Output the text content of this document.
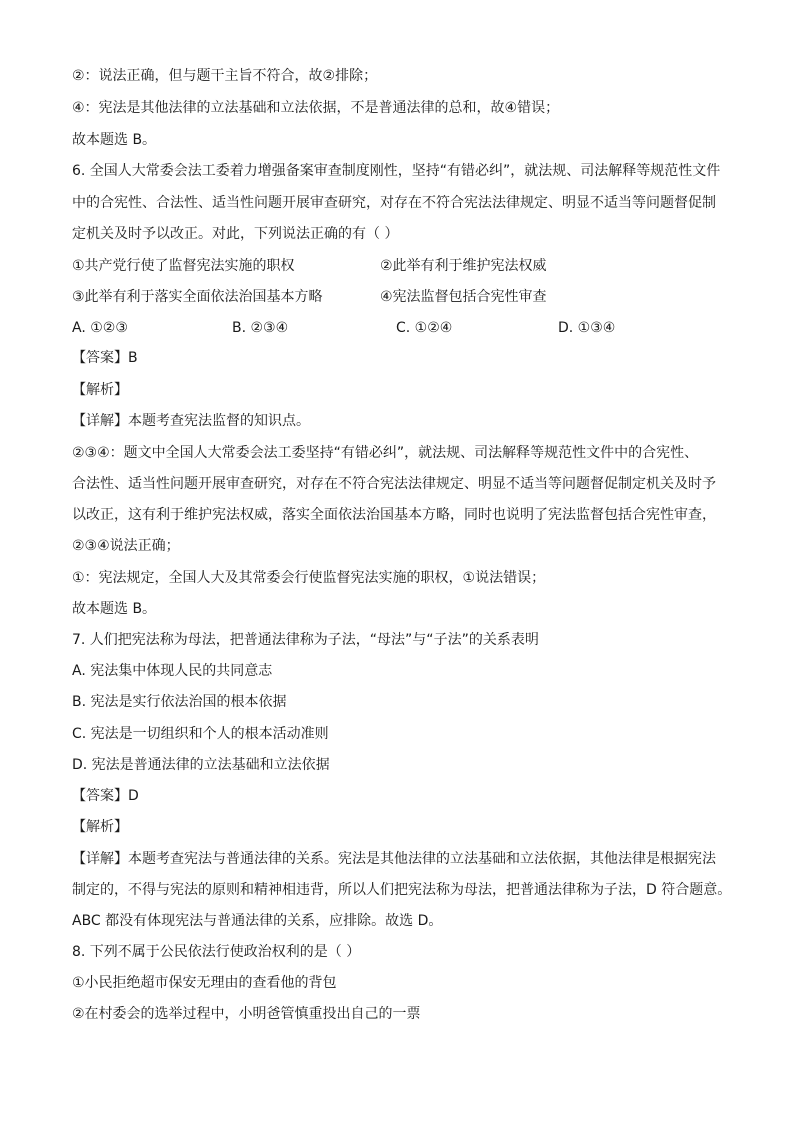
②：说法正确，但与题干主旨不符合，故②排除；
④：宪法是其他法律的立法基础和立法依据，不是普通法律的总和，故④错误；
故本题选 B。
6. 全国人大常委会法工委着力增强备案审查制度刚性，坚持“有错必纠”，就法规、司法解释等规范性文件
中的合宪性、合法性、适当性问题开展审查研究，对存在不符合宪法法律规定、明显不适当等问题督促制
定机关及时予以改正。对此，下列说法正确的有（ ）
①共产党行使了监督宪法实施的职权	②此举有利于维护宪法权威
③此举有利于落实全面依法治国基本方略	④宪法监督包括合宪性审查
A. ①②③	B. ②③④	C. ①②④	D. ①③④
【答案】B
【解析】
【详解】本题考查宪法监督的知识点。
②③④：题文中全国人大常委会法工委坚持“有错必纠”，就法规、司法解释等规范性文件中的合宪性、
合法性、适当性问题开展审查研究，对存在不符合宪法法律规定、明显不适当等问题督促制定机关及时予
以改正，这有利于维护宪法权威，落实全面依法治国基本方略，同时也说明了宪法监督包括合宪性审查，
②③④说法正确；
①：宪法规定，全国人大及其常委会行使监督宪法实施的职权，①说法错误；
故本题选 B。
7. 人们把宪法称为母法，把普通法律称为子法，“母法”与“子法”的关系表明
A. 宪法集中体现人民的共同意志
B. 宪法是实行依法治国的根本依据
C. 宪法是一切组织和个人的根本活动准则
D. 宪法是普通法律的立法基础和立法依据
【答案】D
【解析】
【详解】本题考查宪法与普通法律的关系。宪法是其他法律的立法基础和立法依据，其他法律是根据宪法
制定的，不得与宪法的原则和精神相违背，所以人们把宪法称为母法，把普通法律称为子法，D 符合题意。
ABC 都没有体现宪法与普通法律的关系，应排除。故选 D。
8. 下列不属于公民依法行使政治权利的是（ ）
①小民拒绝超市保安无理由的查看他的背包
②在村委会的选举过程中，小明爸管慎重投出自己的一票
